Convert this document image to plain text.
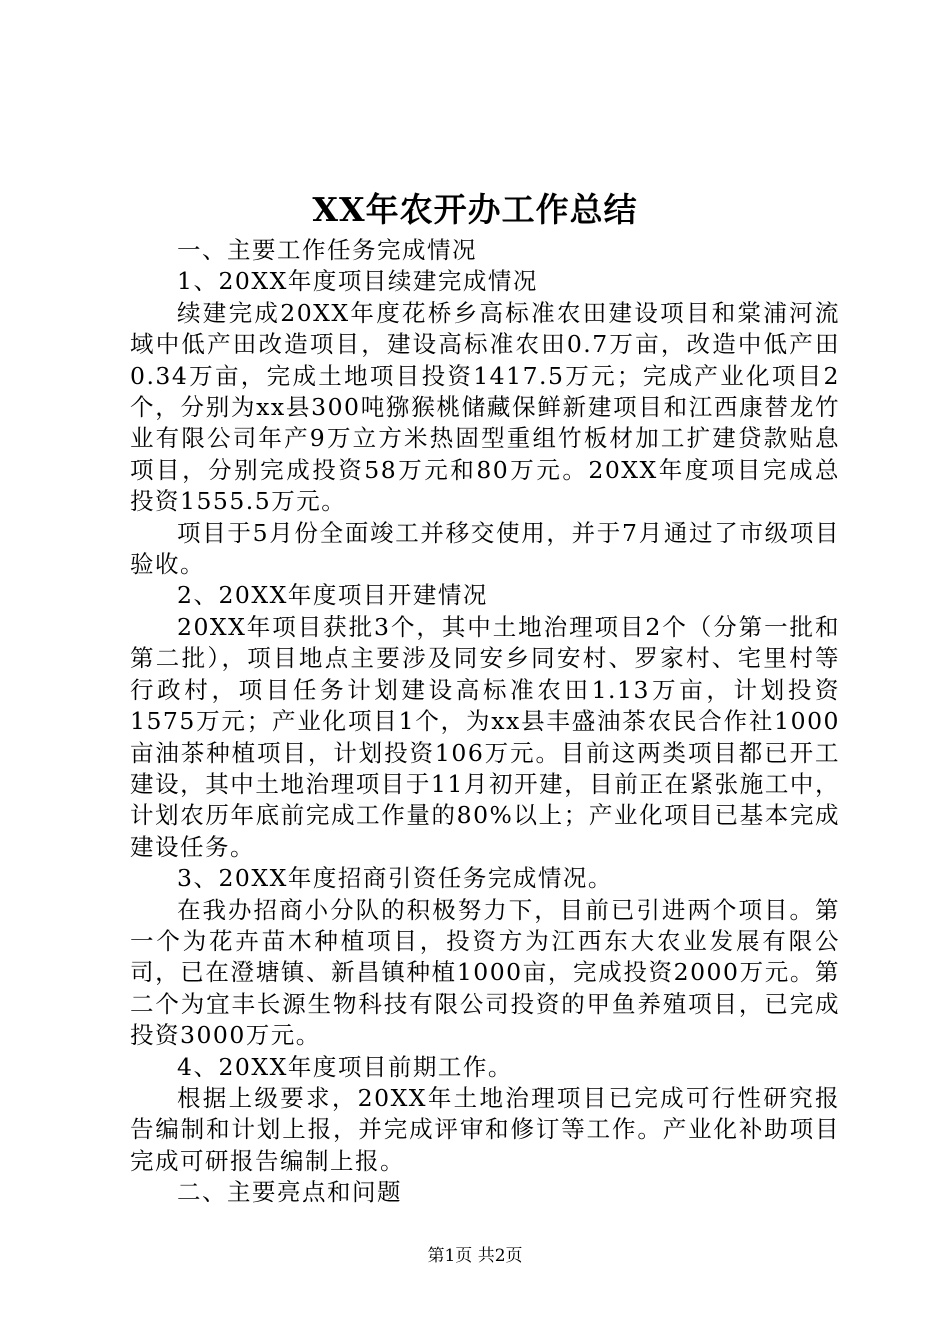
XX年农开办工作总结

一、主要工作任务完成情况

1、20XX年度项目续建完成情况

续建完成20XX年度花桥乡高标准农田建设项目和棠浦河流域中低产田改造项目，建设高标准农田0.7万亩，改造中低产田0.34万亩，完成土地项目投资1417.5万元；完成产业化项目2个，分别为xx县300吨猕猴桃储藏保鲜新建项目和江西康替龙竹业有限公司年产9万立方米热固型重组竹板材加工扩建贷款贴息项目，分别完成投资58万元和80万元。20XX年度项目完成总投资1555.5万元。

项目于5月份全面竣工并移交使用，并于7月通过了市级项目验收。

2、20XX年度项目开建情况

20XX年项目获批3个，其中土地治理项目2个（分第一批和第二批），项目地点主要涉及同安乡同安村、罗家村、宅里村等行政村，项目任务计划建设高标准农田1.13万亩，计划投资1575万元；产业化项目1个，为xx县丰盛油茶农民合作社1000亩油茶种植项目，计划投资106万元。目前这两类项目都已开工建设，其中土地治理项目于11月初开建，目前正在紧张施工中，计划农历年底前完成工作量的80%以上；产业化项目已基本完成建设任务。

3、20XX年度招商引资任务完成情况。

在我办招商小分队的积极努力下，目前已引进两个项目。第一个为花卉苗木种植项目，投资方为江西东大农业发展有限公司，已在澄塘镇、新昌镇种植1000亩，完成投资2000万元。第二个为宜丰长源生物科技有限公司投资的甲鱼养殖项目，已完成投资3000万元。

4、20XX年度项目前期工作。

根据上级要求，20XX年土地治理项目已完成可行性研究报告编制和计划上报，并完成评审和修订等工作。产业化补助项目完成可研报告编制上报。

二、主要亮点和问题

第1页 共2页
